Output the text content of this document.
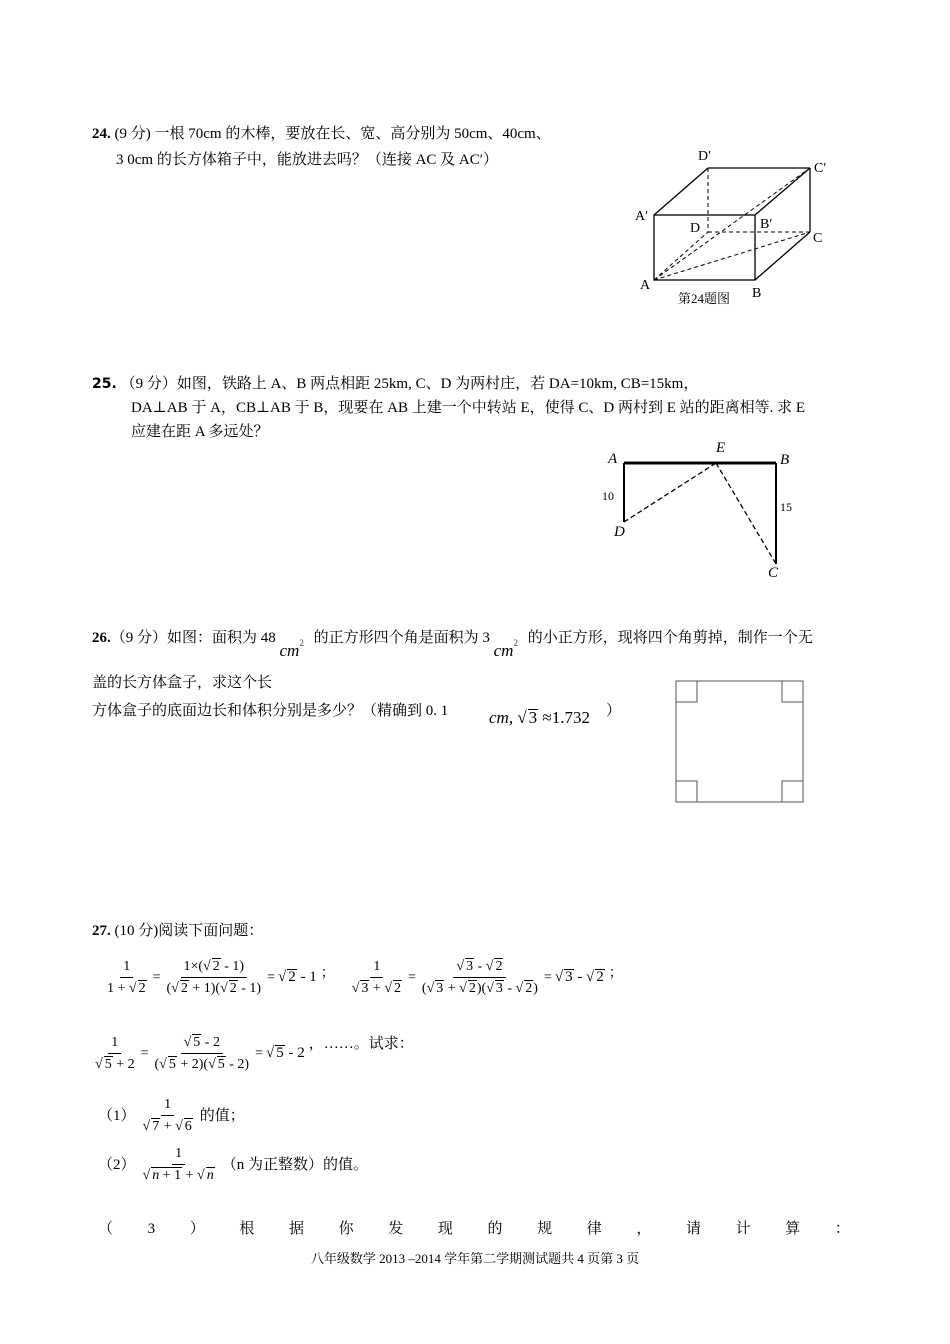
24. (9 分) 一根 70cm 的木棒，要放在长、宽、高分别为 50cm、40cm、
3 0cm 的长方体箱子中，能放进去吗？（连接 AC 及 AC′）	D′
C′
A′
B′
D
C
A
B
第24题图
25. （9 分）如图，铁路上 A、B 两点相距 25km, C、D 为两村庄，若 DA=10km, CB=15km，
DA⊥AB 于 A，CB⊥AB 于 B，现要在 AB 上建一个中转站 E，使得 C、D 两村到 E 站的距离相等. 求 E
应建在距 A 多远处？
A
E
B
D
C
10
15
26.（9 分）如图：面积为 48 $cm^2$ 的正方形四个角是面积为 3 $cm^2$ 的小正方形，现将四个角剪掉，制作一个无
盖的长方体盒子，求这个长
方体盒子的底面边长和体积分别是多少？（精确到 0. 1 cm, √ 3 ≈1.732 ）
27. (10 分)阅读下面问题：
$\frac{1}{1 + √ 2} = \frac{1\times(√ 2 - 1)}{(√ 2 + 1)(√ 2 - 1)}$ = √ 2 - 1 ； $\frac{1}{√ 3 + √ 2} = \frac{√ 3 - √ 2}{(√ 3 + √ 2)(√ 3 - √ 2)}$ = √ 3 - √ 2 ；
$\frac{1}{√ 5 + 2} = \frac{√ 5 - 2}{(√ 5 + 2)(√ 5 - 2)}$ = √ 5 - 2
，……。试求：
$(1) \frac{1}{√ 7 + √ 6}$ 的值；
$(2) \frac{1}{√ n + 1 + √ n} (n$ 为正整数）的值。
（ 3 ） 根 据 你 发 现 的 规 律 ， 请 计 算 ：
八年级数学 2013 –2014 学年第二学期测试题共 4 页第 3 页
